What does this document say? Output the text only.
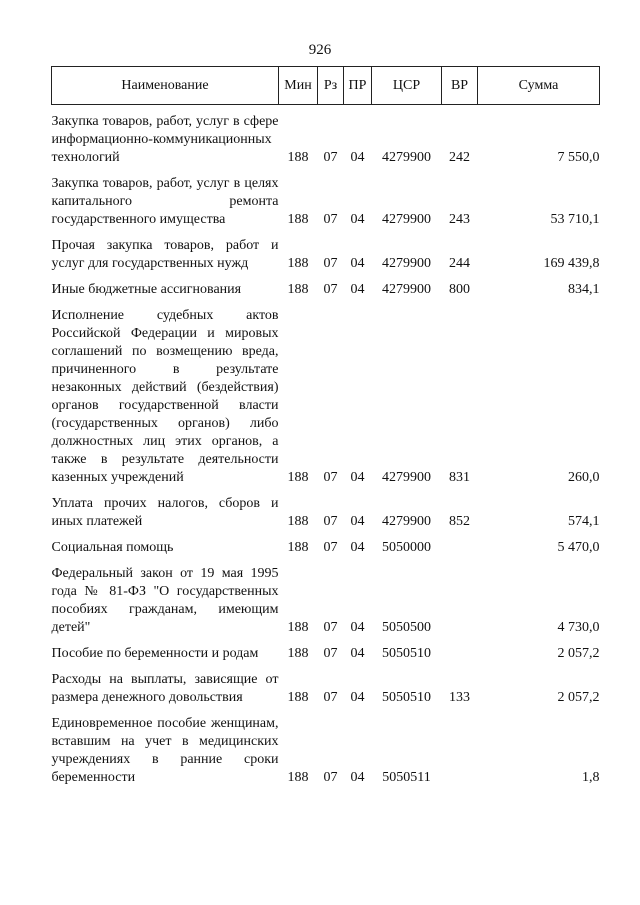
926
Наименование	Мин	Рз	ПР	ЦСР	ВР	Сумма

Закупка товаров, работ, услуг в сфере информационно-коммуникационных технологий	188	07	04	4279900	242	7 550,0

Закупка товаров, работ, услуг в целях капитального ремонта государственного имущества	188	07	04	4279900	243	53 710,1

Прочая закупка товаров, работ и услуг для государственных нужд	188	07	04	4279900	244	169 439,8

Иные бюджетные ассигнования	188	07	04	4279900	800	834,1

Исполнение судебных актов Российской Федерации и мировых соглашений по возмещению вреда, причиненного в результате незаконных действий (бездействия) органов государственной власти (государственных органов) либо должностных лиц этих органов, а также в результате деятельности казенных учреждений	188	07	04	4279900	831	260,0

Уплата прочих налогов, сборов и иных платежей	188	07	04	4279900	852	574,1

Социальная помощь	188	07	04	5050000		5 470,0

Федеральный закон от 19 мая 1995 года № 81-ФЗ "О государственных пособиях гражданам, имеющим детей"	188	07	04	5050500		4 730,0

Пособие по беременности и родам	188	07	04	5050510		2 057,2

Расходы на выплаты, зависящие от размера денежного довольствия	188	07	04	5050510	133	2 057,2

Единовременное пособие женщинам, вставшим на учет в медицинских учреждениях в ранние сроки беременности	188	07	04	5050511		1,8
